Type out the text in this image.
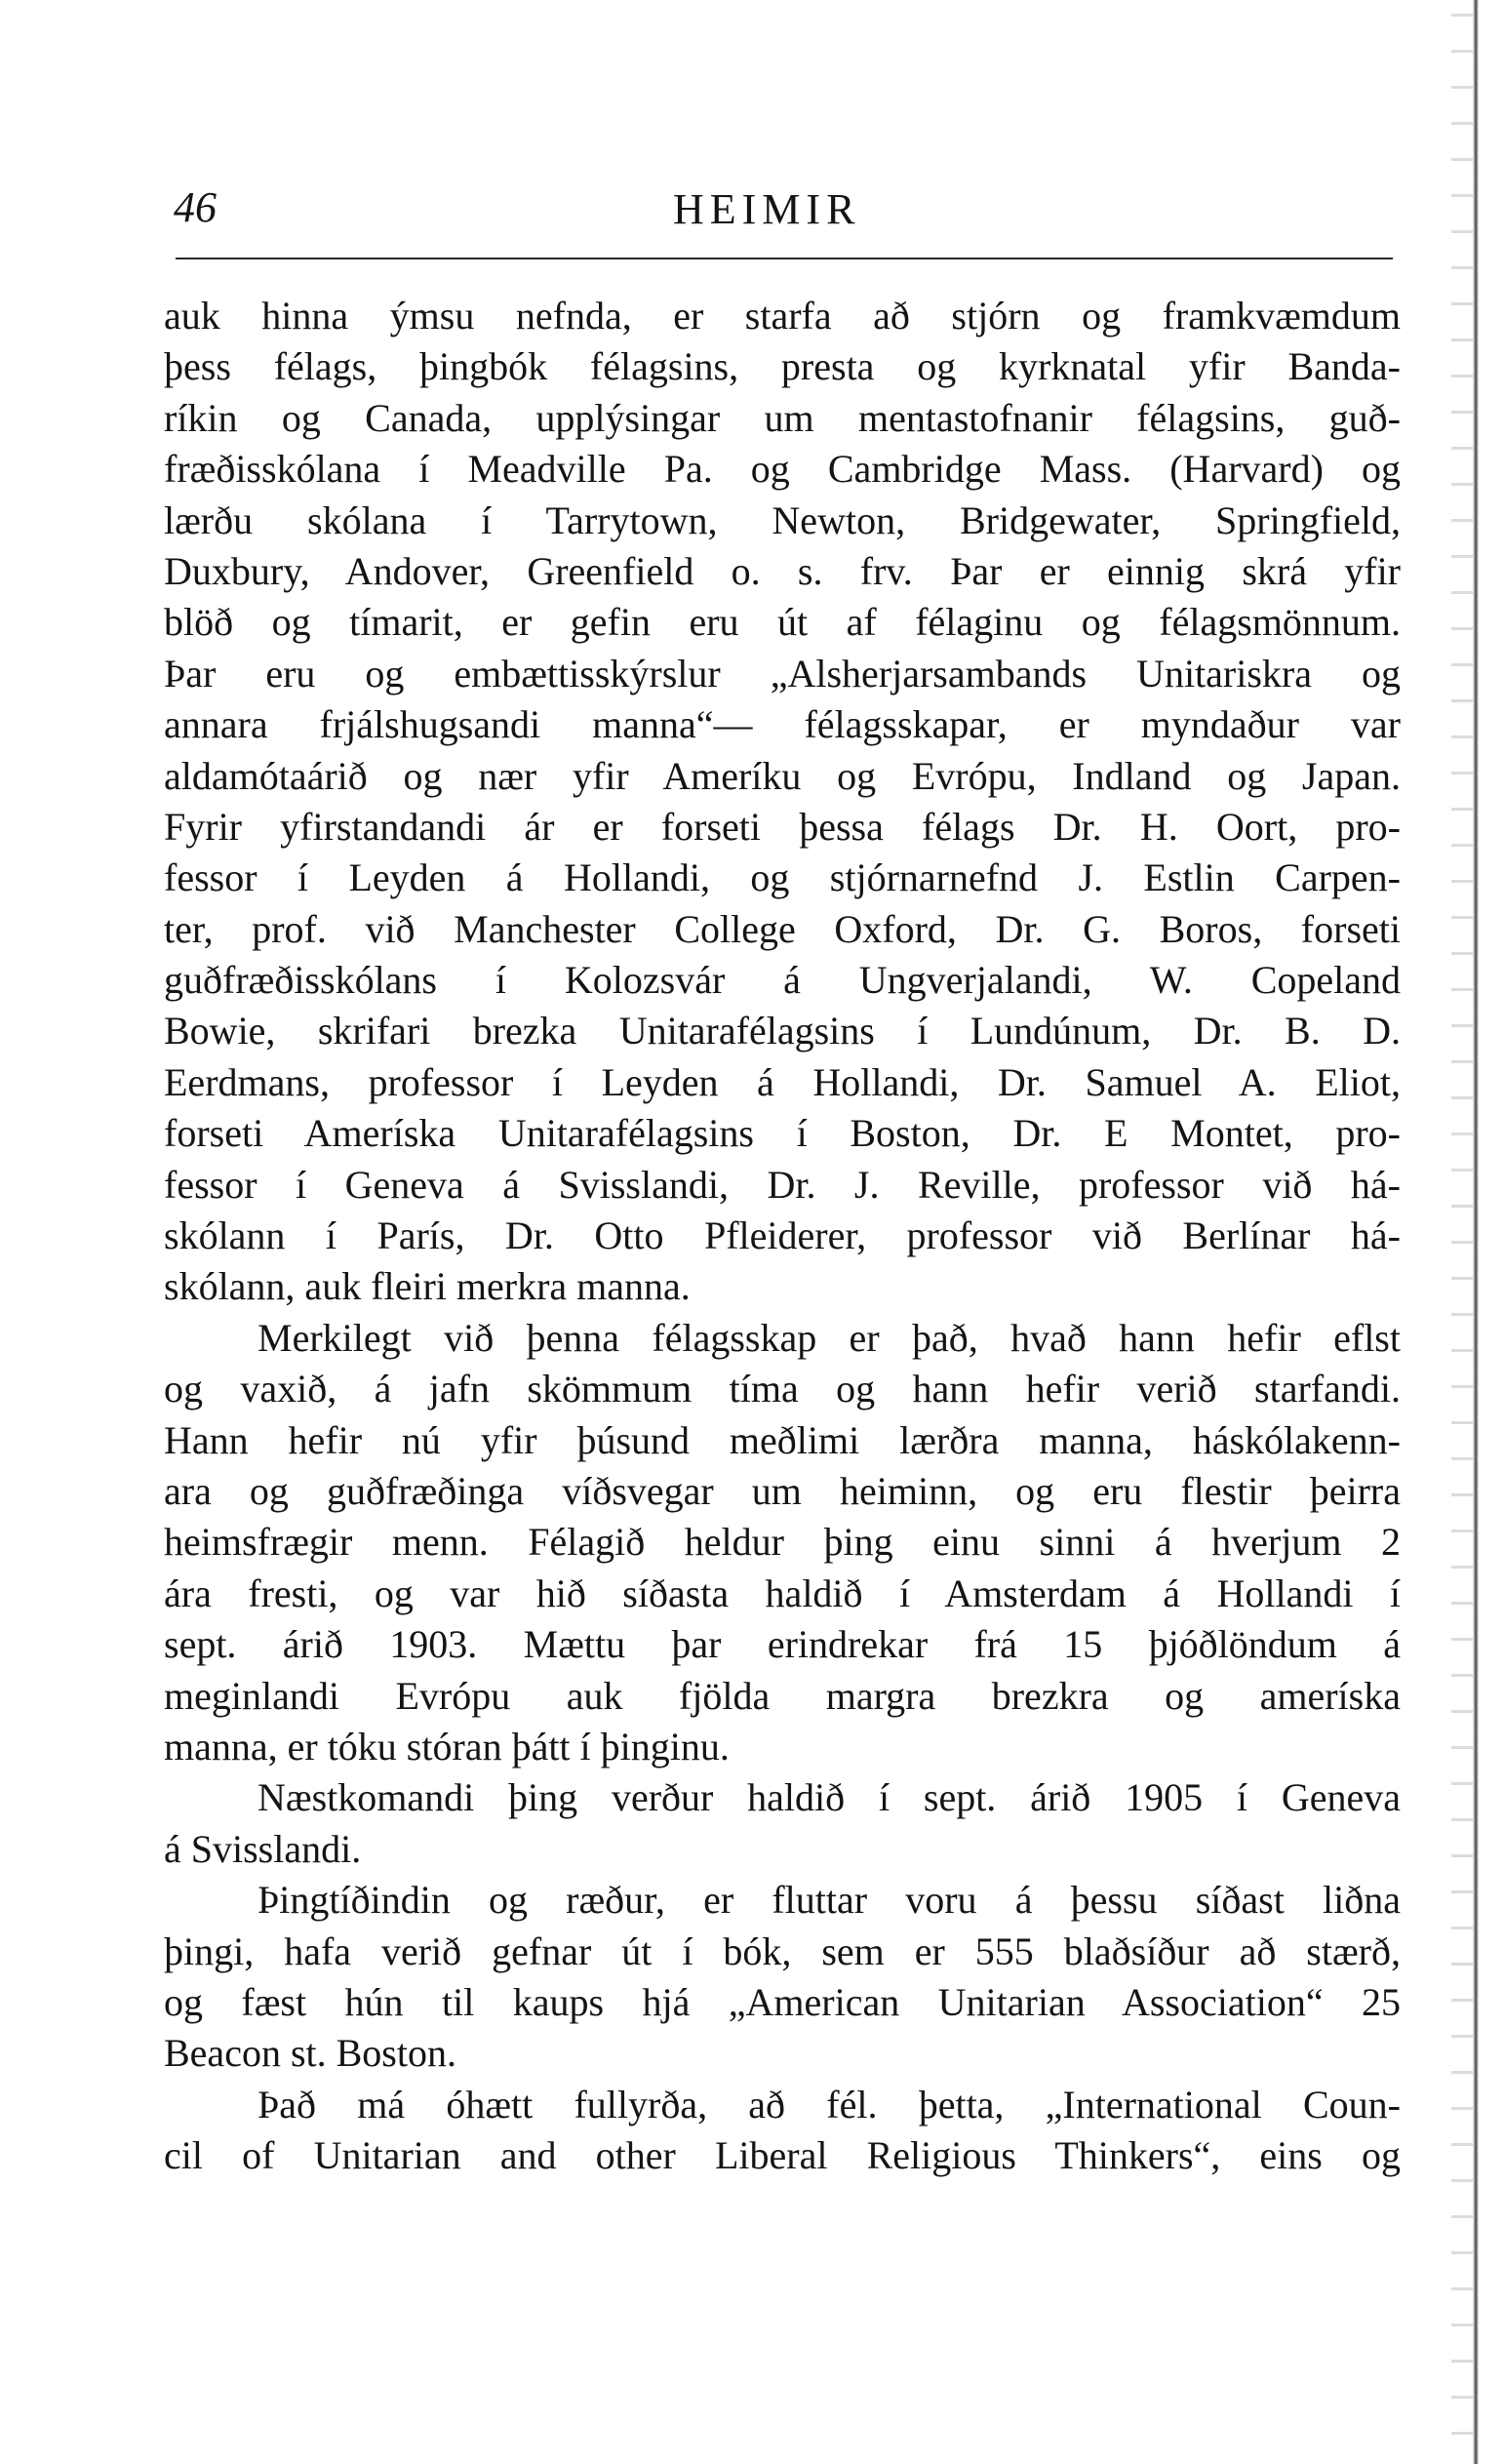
46	HEIMIR
auk hinna ýmsu nefnda, er starfa að stjórn og framkvæmdum
þess félags, þingbók félagsins, presta og kyrknatal yfir Banda-
ríkin og Canada, upplýsingar um mentastofnanir félagsins, guð-
fræðisskólana í Meadville Pa. og Cambridge Mass. (Harvard) og
lærðu skólana í Tarrytown, Newton, Bridgewater, Springfield,
Duxbury, Andover, Greenfield o. s. frv. Þar er einnig skrá yfir
blöð og tímarit, er gefin eru út af félaginu og félagsmönnum.
Þar eru og embættisskýrslur „Alsherjarsambands Unitariskra og
annara frjálshugsandi manna“— félagsskapar, er myndaður var
aldamótaárið og nær yfir Ameríku og Evrópu, Indland og Japan.
Fyrir yfirstandandi ár er forseti þessa félags Dr. H. Oort, pro-
fessor í Leyden á Hollandi, og stjórnarnefnd J. Estlin Carpen-
ter, prof. við Manchester College Oxford, Dr. G. Boros, forseti
guðfræðisskólans í Kolozsvár á Ungverjalandi, W. Copeland
Bowie, skrifari brezka Unitarafélagsins í Lundúnum, Dr. B. D.
Eerdmans, professor í Leyden á Hollandi, Dr. Samuel A. Eliot,
forseti Ameríska Unitarafélagsins í Boston, Dr. E Montet, pro-
fessor í Geneva á Svisslandi, Dr. J. Reville, professor við há-
skólann í París, Dr. Otto Pfleiderer, professor við Berlínar há-
skólann, auk fleiri merkra manna.
Merkilegt við þenna félagsskap er það, hvað hann hefir eflst
og vaxið, á jafn skömmum tíma og hann hefir verið starfandi.
Hann hefir nú yfir þúsund meðlimi lærðra manna, háskólakenn-
ara og guðfræðinga víðsvegar um heiminn, og eru flestir þeirra
heimsfrægir menn. Félagið heldur þing einu sinni á hverjum 2
ára fresti, og var hið síðasta haldið í Amsterdam á Hollandi í
sept. árið 1903. Mættu þar erindrekar frá 15 þjóðlöndum á
meginlandi Evrópu auk fjölda margra brezkra og ameríska
manna, er tóku stóran þátt í þinginu.
Næstkomandi þing verður haldið í sept. árið 1905 í Geneva
á Svisslandi.
Þingtíðindin og ræður, er fluttar voru á þessu síðast liðna
þingi, hafa verið gefnar út í bók, sem er 555 blaðsíður að stærð,
og fæst hún til kaups hjá „American Unitarian Association“ 25
Beacon st. Boston.
Það má óhætt fullyrða, að fél. þetta, „International Coun-
cil of Unitarian and other Liberal Religious Thinkers“, eins og
